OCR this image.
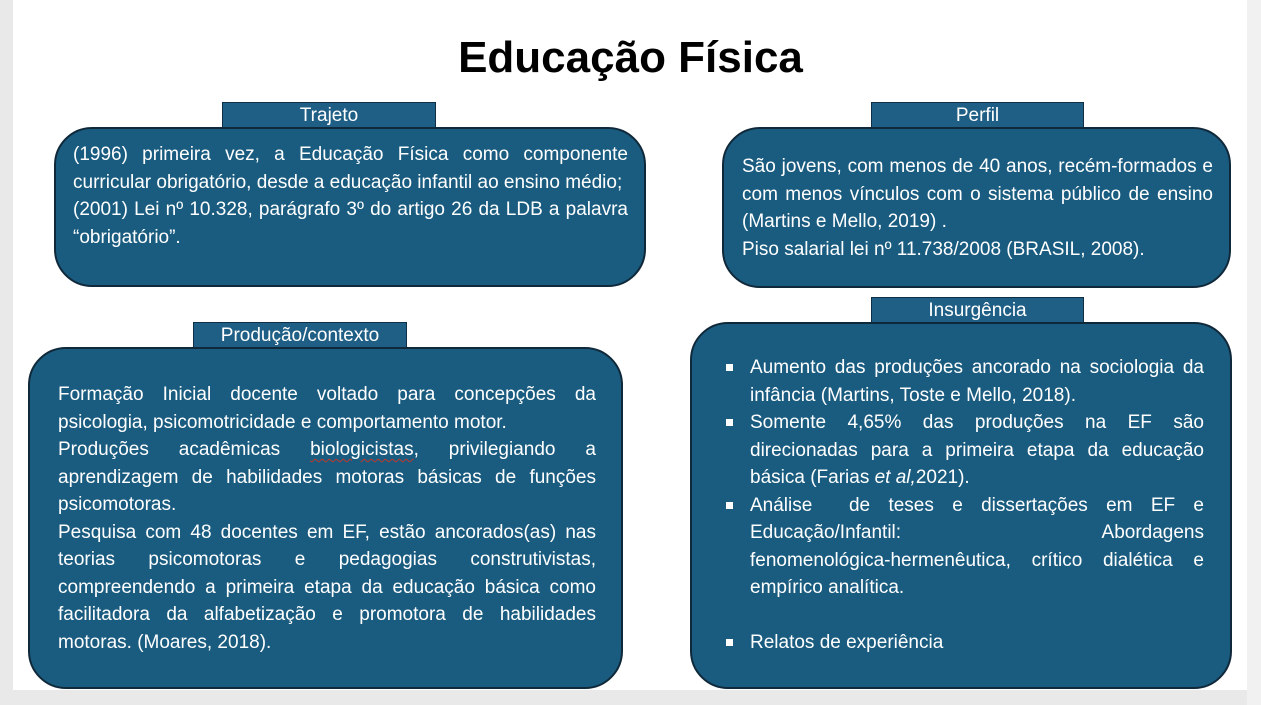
Educação Física
Trajeto

(1996) primeira vez, a Educação Física como componente curricular obrigatório, desde a educação infantil ao ensino médio;

(2001) Lei nº 10.328, parágrafo 3º do artigo 26 da LDB a palavra “obrigatório”.

Perfil

São jovens, com menos de 40 anos, recém-formados e com menos vínculos com o sistema público de ensino (Martins e Mello, 2019) .

Piso salarial lei nº 11.738/2008 (BRASIL, 2008).

Produção/contexto

Formação Inicial docente voltado para concepções da psicologia, psicomotricidade e comportamento motor.

Produções acadêmicas biologicistas, privilegiando a aprendizagem de habilidades motoras básicas de funções psicomotoras.

Pesquisa com 48 docentes em EF, estão ancorados(as) nas teorias psicomotoras e pedagogias construtivistas, compreendendo a primeira etapa da educação básica como facilitadora da alfabetização e promotora de habilidades motoras. (Moares, 2018).

Insurgência
Aumento das produções ancorado na sociologia da infância (Martins, Toste e Mello, 2018).
Somente 4,65% das produções na EF são direcionadas para a primeira etapa da educação básica (Farias et al,2021).
Análise  de teses e dissertações em EF e Educação/Infantil:                        Abordagens fenomenológica-hermenêutica, crítico dialética e empírico analítica.
Relatos de experiência
